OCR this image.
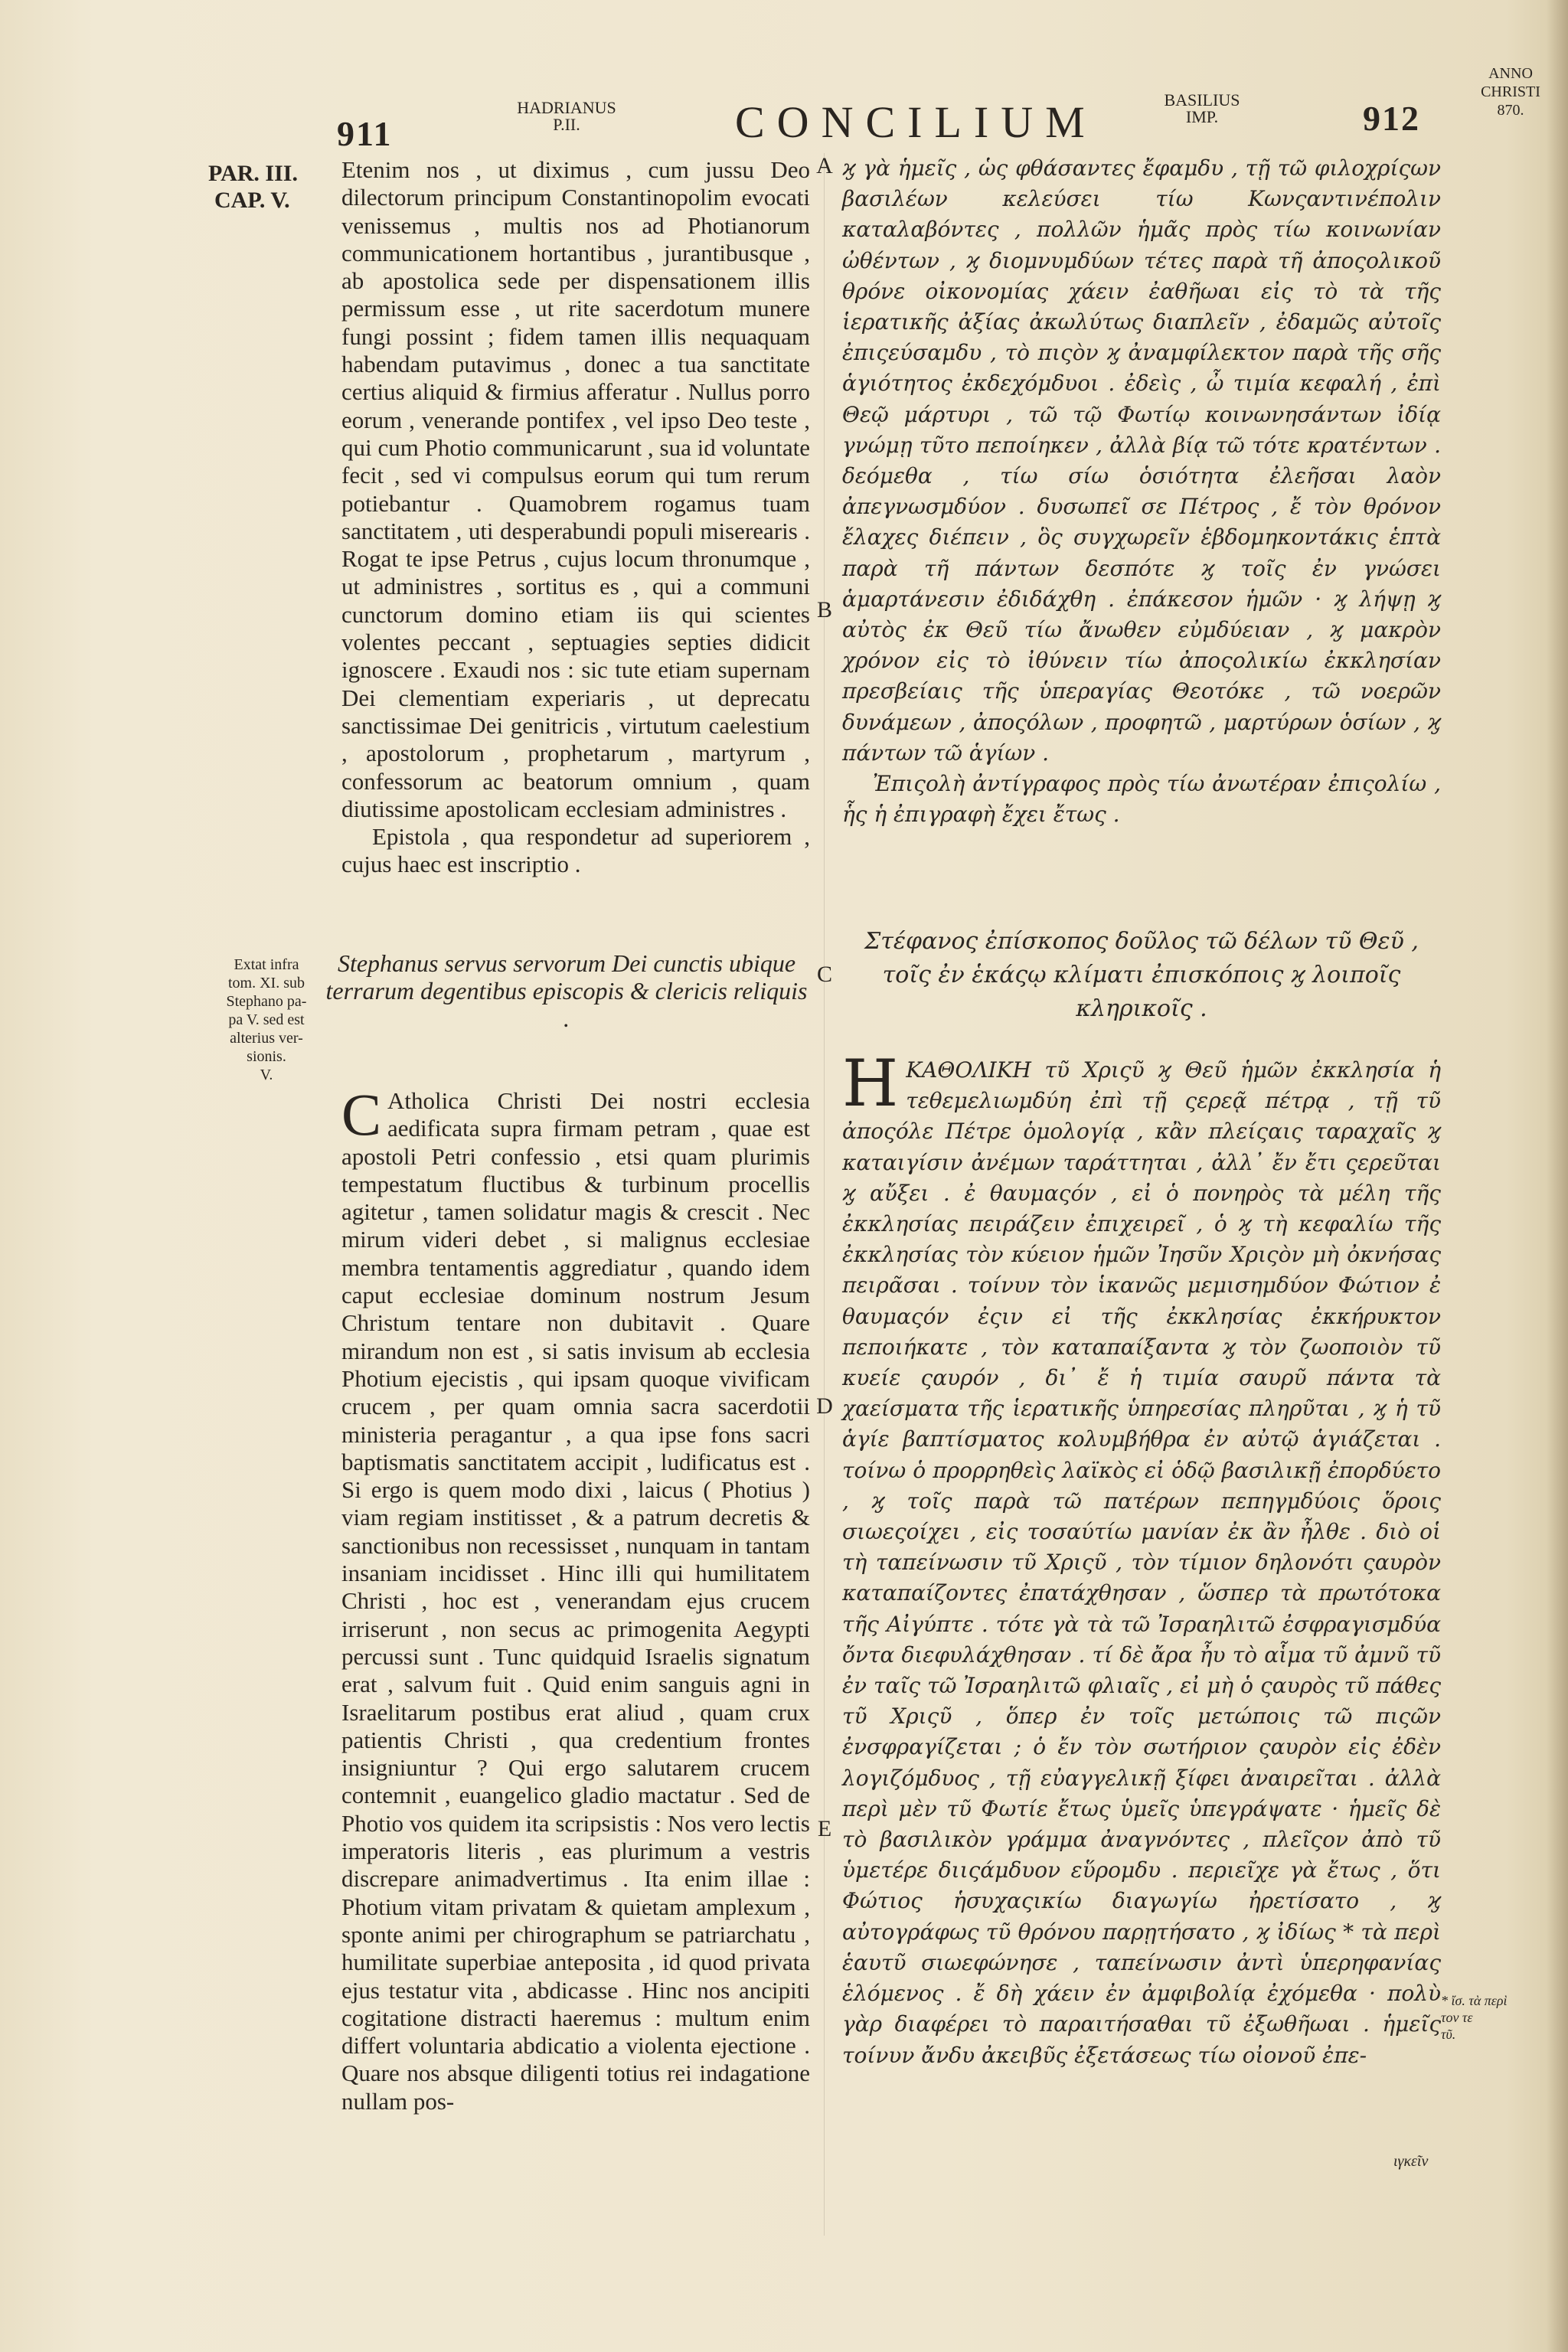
911
HADRIANUS
P.II.	CONCILIUM	BASILIUS
IMP.	912
ANNO
CHRISTI
870.
PAR. III.
CAP. V.
Extat infra
tom. XI. sub
Stephano pa-
pa V. sed est
alterius ver-
sionis.
V.
A
B
C
D
E

Etenim nos , ut diximus , cum jussu Deo dilectorum principum Constantinopolim evocati venissemus , multis nos ad Photianorum communicationem hortantibus , jurantibusque , ab apostolica sede per dispensationem illis permissum esse , ut rite sacerdotum munere fungi possint ; fidem tamen illis nequaquam habendam putavimus , donec a tua sanctitate certius aliquid & firmius afferatur . Nullus porro eorum , venerande pontifex , vel ipso Deo teste , qui cum Photio communicarunt , sua id voluntate fecit , sed vi compulsus eorum qui tum rerum potiebantur . Quamobrem rogamus tuam sanctitatem , uti desperabundi populi miserearis . Rogat te ipse Petrus , cujus locum thronumque , ut administres , sortitus es , qui a communi cunctorum domino etiam iis qui scientes volentes peccant , septuagies septies didicit ignoscere . Exaudi nos : sic tute etiam supernam Dei clementiam experiaris , ut deprecatu sanctissimae Dei genitricis , virtutum caelestium , apostolorum , prophetarum , martyrum , confessorum ac beatorum omnium , quam diutissime apostolicam ecclesiam administres .

Epistola , qua respondetur ad superiorem , cujus haec est inscriptio .

Stephanus servus servorum Dei cunctis ubique terrarum degentibus episcopis & clericis reliquis .

C Atholica Christi Dei nostri ecclesia aedificata supra firmam petram , quae est apostoli Petri confessio , etsi quam plurimis tempestatum fluctibus & turbinum procellis agitetur , tamen solidatur magis & crescit . Nec mirum videri debet , si malignus ecclesiae membra tentamentis aggrediatur , quando idem caput ecclesiae dominum nostrum Jesum Christum tentare non dubitavit . Quare mirandum non est , si satis invisum ab ecclesia Photium ejecistis , qui ipsam quoque vivificam crucem , per quam omnia sacra sacerdotii ministeria peragantur , a qua ipse fons sacri baptismatis sanctitatem accipit , ludificatus est . Si ergo is quem modo dixi , laicus ( Photius ) viam regiam institisset , & a patrum decretis & sanctionibus non recessisset , nunquam in tantam insaniam incidisset . Hinc illi qui humilitatem Christi , hoc est , venerandam ejus crucem irriserunt , non secus ac primogenita Aegypti percussi sunt . Tunc quidquid Israelis signatum erat , salvum fuit . Quid enim sanguis agni in Israelitarum postibus erat aliud , quam crux patientis Christi , qua credentium frontes insigniuntur ? Qui ergo salutarem crucem contemnit , euangelico gladio mactatur . Sed de Photio vos quidem ita scripsistis : Nos vero lectis imperatoris literis , eas plurimum a vestris discrepare animadvertimus . Ita enim illae : Photium vitam privatam & quietam amplexum , sponte animi per chirographum se patriarchatu , humilitate superbiae anteposita , id quod privata ejus testatur vita , abdicasse . Hinc nos ancipiti cogitatione distracti haeremus : multum enim differt voluntaria abdicatio a violenta ejectione . Quare nos absque diligenti totius rei indagatione nullam pos-

ϗ γὰ ἡμεῖς , ὡς φθάσαντες ἔφαμδυ , τῇ τῶ φιλοχρίςων βασιλέων κελεύσει τίω Κωνςαντινέπολιν καταλαβόντες , πολλῶν ἡμᾶς πρὸς τίω κοινωνίαν ὠθέντων , ϗ διομνυμδύων τέτες παρὰ τῆ ἀποςολικοῦ θρόνε οἰκονομίας χάειν ἐαθῆωαι εἰς τὸ τὰ τῆς ἱερατικῆς ἀξίας ἀκωλύτως διαπλεῖν , ἐδαμῶς αὐτοῖς ἐπιςεύσαμδυ , τὸ πιςὸν ϗ ἀναμφίλεκτον παρὰ τῆς σῆς ἁγιότητος ἐκδεχόμδυοι . ἐδεὶς , ὦ τιμία κεφαλή , ἐπὶ Θεῷ μάρτυρι , τῶ τῷ Φωτίῳ κοινωνησάντων ἰδίᾳ γνώμῃ τῦτο πεποίηκεν , ἀλλὰ βίᾳ τῶ τότε κρατέντων . δεόμεθα , τίω σίω ὁσιότητα ἐλεῆσαι λαὸν ἀπεγνωσμδύον . δυσωπεῖ σε Πέτρος , ἔ τὸν θρόνον ἔλαχες διέπειν , ὃς συγχωρεῖν ἑβδομηκοντάκις ἑπτὰ παρὰ τῆ πάντων δεσπότε ϗ τοῖς ἐν γνώσει ἁμαρτάνεσιν ἐδιδάχθη . ἐπάκεσον ἡμῶν · ϗ λήψῃ ϗ αὐτὸς ἐκ Θεῦ τίω ἄνωθεν εὐμδύειαν , ϗ μακρὸν χρόνον εἰς τὸ ἰθύνειν τίω ἀποςολικίω ἐκκλησίαν πρεσβείαις τῆς ὑπεραγίας Θεοτόκε , τῶ νοερῶν δυνάμεων , ἀποςόλων , προφητῶ , μαρτύρων ὁσίων , ϗ πάντων τῶ ἁγίων .

Ἐπιςολὴ ἀντίγραφος πρὸς τίω ἀνωτέραν ἐπιςολίω , ἧς ἡ ἐπιγραφὴ ἔχει ἔτως .

Στέφανος ἐπίσκοπος δοῦλος τῶ δέλων τῦ Θεῦ , τοῖς ἐν ἑκάςῳ κλίματι ἐπισκόποις ϗ λοιποῖς κληρικοῖς .

ΗΚΑΘΟΛΙΚΗ τῦ Χριςῦ ϗ Θεῦ ἡμῶν ἐκκλησία ἡ τεθεμελιωμδύη ἐπὶ τῇ ςερεᾷ πέτρᾳ , τῇ τῦ ἀποςόλε Πέτρε ὁμολογίᾳ , κἂν πλείςαις ταραχαῖς ϗ καταιγίσιν ἀνέμων ταράττηται , ἀλλ᾽ ἔν ἔτι ςερεῦται ϗ αὔξει . ἐ θαυμαςόν , εἰ ὁ πονηρὸς τὰ μέλη τῆς ἐκκλησίας πειράζειν ἐπιχειρεῖ , ὁ ϗ τὴ κεφαλίω τῆς ἐκκλησίας τὸν κύειον ἡμῶν Ἰησῦν Χριςὸν μὴ ὀκνήσας πειρᾶσαι . τοίνυν τὸν ἱκανῶς μεμισημδύον Φώτιον ἐ θαυμαςόν ἐςιν εἰ τῆς ἐκκλησίας ἐκκήρυκτον πεποιήκατε , τὸν καταπαίξαντα ϗ τὸν ζωοποιὸν τῦ κυείε ςαυρόν , δι᾽ ἔ ἡ τιμία σαυρῦ πάντα τὰ χαείσματα τῆς ἱερατικῆς ὑπηρεσίας πληρῦται , ϗ ἡ τῦ ἁγίε βαπτίσματος κολυμβήθρα ἐν αὐτῷ ἁγιάζεται . τοίνω ὁ προρρηθεὶς λαϊκὸς εἰ ὁδῷ βασιλικῇ ἐπορδύετο , ϗ τοῖς παρὰ τῶ πατέρων πεπηγμδύοις ὅροις σιωεςοίχει , εἰς τοσαύτίω μανίαν ἐκ ἂν ἦλθε . διὸ οἱ τὴ ταπείνωσιν τῦ Χριςῦ , τὸν τίμιον δηλονότι ςαυρὸν καταπαίζοντες ἐπατάχθησαν , ὥσπερ τὰ πρωτότοκα τῆς Αἰγύπτε . τότε γὰ τὰ τῶ Ἰσραηλιτῶ ἐσφραγισμδύα ὄντα διεφυλάχθησαν . τί δὲ ἄρα ἦυ τὸ αἷμα τῦ ἀμνῦ τῦ ἐν ταῖς τῶ Ἰσραηλιτῶ φλιαῖς , εἰ μὴ ὁ ςαυρὸς τῦ πάθες τῦ Χριςῦ , ὅπερ ἐν τοῖς μετώποις τῶ πιςῶν ἐνσφραγίζεται ; ὁ ἔν τὸν σωτήριον ςαυρὸν εἰς ἐδὲν λογιζόμδυος , τῇ εὐαγγελικῇ ξίφει ἀναιρεῖται . ἀλλὰ περὶ μὲν τῦ Φωτίε ἔτως ὑμεῖς ὑπεγράψατε · ἡμεῖς δὲ τὸ βασιλικὸν γράμμα ἀναγνόντες , πλεῖςον ἀπὸ τῦ ὑμετέρε διιςάμδυον εὕρομδυ . περιεῖχε γὰ ἔτως , ὅτι Φώτιος ἡσυχαςικίω διαγωγίω ἠρετίσατο , ϗ αὐτογράφως τῦ θρόνου παρῃτήσατο , ϗ ἰδίως * τὰ περὶ ἑαυτῦ σιωεφώνησε , ταπείνωσιν ἀντὶ ὑπερηφανίας ἑλόμενος . ἔ δὴ χάειν ἐν ἀμφιβολίᾳ ἐχόμεθα · πολὺ γὰρ διαφέρει τὸ παραιτήσαθαι τῦ ἐξωθῆωαι . ἡμεῖς τοίνυν ἄνδυ ἀκειβῦς ἐξετάσεως τίω οἰονοῦ ἐπε-

* ἴσ. τὰ περὶ
τον τε
τῦ.
ιγκεῖν
